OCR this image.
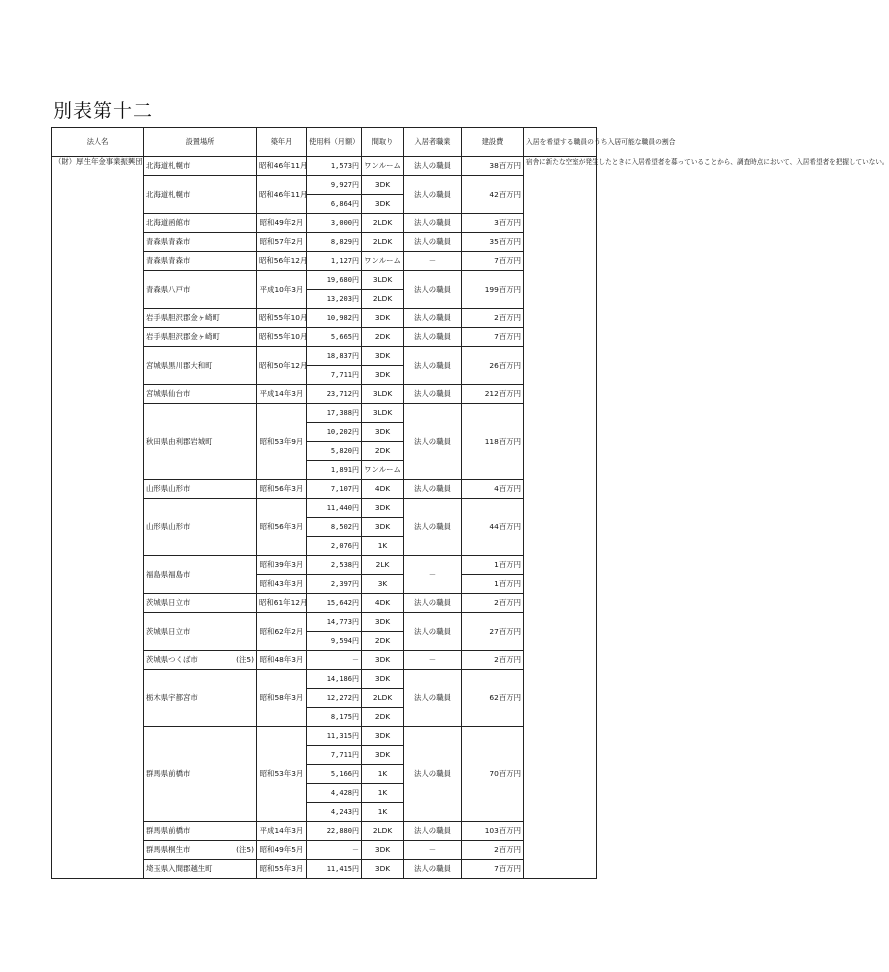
別表第十二
法人名	設置場所	築年月	使用料（月額）	間取り	入居者職業	建設費	入居を希望する職員のうち入居可能な職員の割合
（財）厚生年金事業振興団	北海道札幌市	昭和46年11月	1,573円	ワンルーム	法人の職員	38百万円	宿舎に新たな空室が発生したときに入居希望者を募っていることから、調査時点において、入居希望者を把握していない。
	北海道札幌市	昭和46年11月	9,927円	3DK	法人の職員	42百万円	
			6,864円	3DK			
	北海道函館市	昭和49年2月	3,000円	2LDK	法人の職員	3百万円	
	青森県青森市	昭和57年2月	8,829円	2LDK	法人の職員	35百万円	
	青森県青森市	昭和56年12月	1,127円	ワンルーム	－	7百万円	
	青森県八戸市	平成10年3月	19,680円	3LDK	法人の職員	199百万円	
			13,203円	2LDK			
	岩手県胆沢郡金ヶ崎町	昭和55年10月	10,982円	3DK	法人の職員	2百万円	
	岩手県胆沢郡金ヶ崎町	昭和55年10月	5,665円	2DK	法人の職員	7百万円	
	宮城県黒川郡大和町	昭和50年12月	18,837円	3DK	法人の職員	26百万円	
			7,711円	3DK			
	宮城県仙台市	平成14年3月	23,712円	3LDK	法人の職員	212百万円	
	秋田県由利郡岩城町	昭和53年9月	17,388円	3LDK	法人の職員	118百万円	
			10,202円	3DK			
			5,820円	2DK			
			1,891円	ワンルーム			
	山形県山形市	昭和56年3月	7,107円	4DK	法人の職員	4百万円	
	山形県山形市	昭和56年3月	11,440円	3DK	法人の職員	44百万円	
			8,502円	3DK			
			2,076円	1K			
	福島県福島市	昭和39年3月	2,538円	2LK	－	1百万円	
		昭和43年3月	2,397円	3K		1百万円	
	茨城県日立市	昭和61年12月	15,642円	4DK	法人の職員	2百万円	
	茨城県日立市	昭和62年2月	14,773円	3DK	法人の職員	27百万円	
			9,594円	2DK			
	茨城県つくば市 (注5)	昭和48年3月	－	3DK	－	2百万円	
	栃木県宇都宮市	昭和58年3月	14,186円	3DK	法人の職員	62百万円	
			12,272円	2LDK			
			8,175円	2DK			
	群馬県前橋市	昭和53年3月	11,315円	3DK	法人の職員	70百万円	
			7,711円	3DK			
			5,166円	1K			
			4,428円	1K			
			4,243円	1K			
	群馬県前橋市	平成14年3月	22,880円	2LDK	法人の職員	103百万円	
	群馬県桐生市 (注5)	昭和49年5月	－	3DK	－	2百万円	
	埼玉県入間郡越生町	昭和55年3月	11,415円	3DK	法人の職員	7百万円	
